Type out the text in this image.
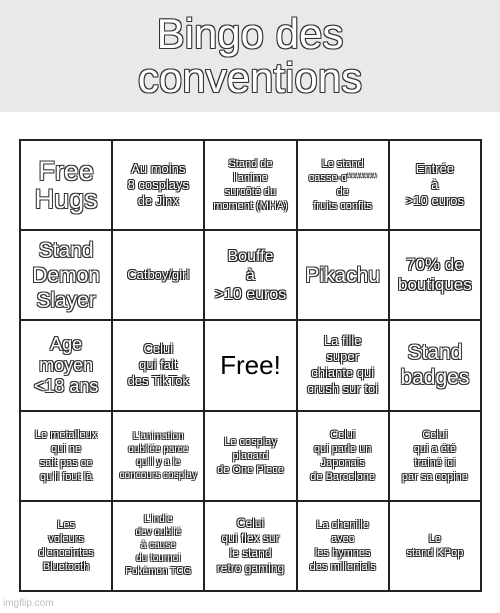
Bingo des
conventions
Free
Hugs
Au moins
8 cosplays
de Jinx
Stand de
l'anime
surcôté du
moment (MHA)
Le stand
casse-c*******
de
fruits confits
Entrée
à
>10 euros
Stand
Demon
Slayer
Catboy/girl
Bouffe
à
>10 euros
Pikachu	70% de
boutiques
Age
moyen
<18 ans
Celui
qui fait
des TikTok
Free!
La fille
super
chiante qui
crush sur toi
Stand
badges
Le metalleux
qui ne
sait pas ce
qu'il fout là
L'animation
oubliée parce
qu'il y a le
concours cosplay
Le cosplay
placard
de One Piece
Celui
qui parle un
Japonais
de Barcelone
Celui
qui a été
trainé ici
par sa copine
Les
voleurs
d'enceintes
Bluetooth
L'indie
dev oublié
à cause
du tournoi
Pokémon TCG
Celui
qui flex sur
le stand
retro gaming
La chenille
avec
les hymnes
des millenials
Le
stand KPop
imgflip.com
